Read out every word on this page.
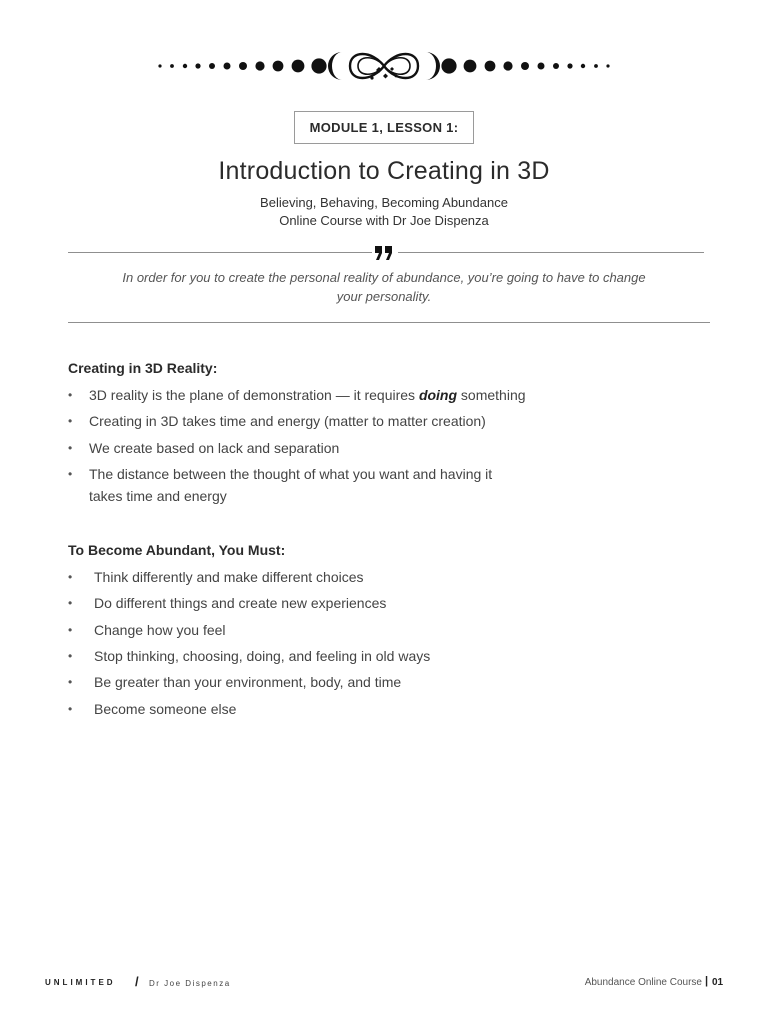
MODULE 1, LESSON 1:
Introduction to Creating in 3D
Believing, Behaving, Becoming Abundance
Online Course with Dr Joe Dispenza
In order for you to create the personal reality of abundance, you’re going to have to change your personality.
Creating in 3D Reality:
•	3D reality is the plane of demonstration — it requires doing something
•	Creating in 3D takes time and energy (matter to matter creation)
•	We create based on lack and separation
•	The distance between the thought of what you want and having it
takes time and energy
To Become Abundant, You Must:
•	Think differently and make different choices
•	Do different things and create new experiences
•	Change how you feel
•	Stop thinking, choosing, doing, and feeling in old ways
•	Be greater than your environment, body, and time
•	Become someone else
UNLIMITED / Dr Joe Dispenza	Abundance Online Course | 01
